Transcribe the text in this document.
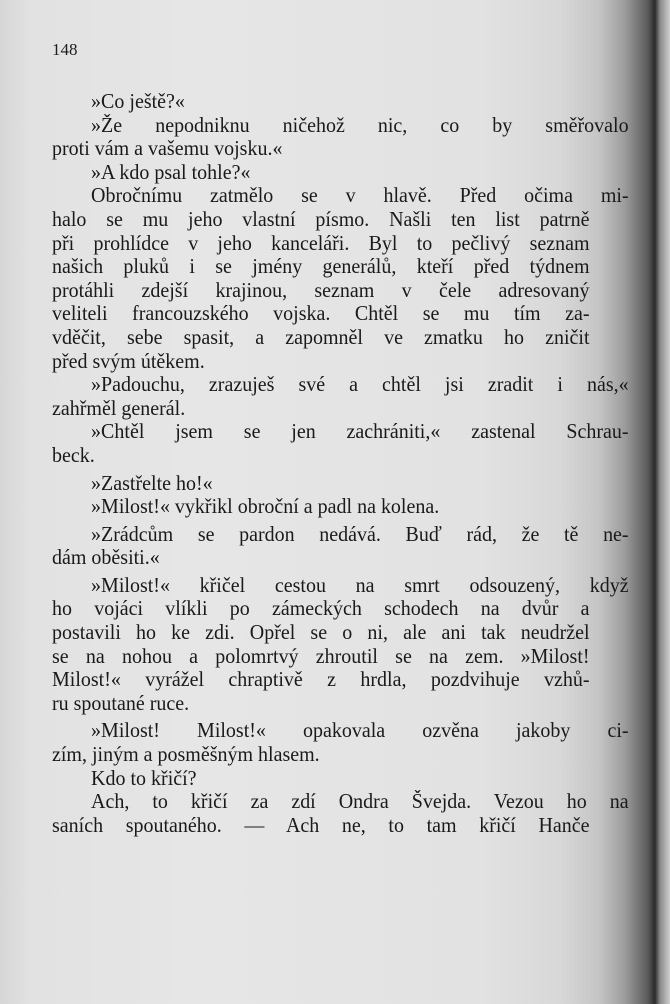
148
»Co ještě?«
»Že nepodniknu ničehož nic, co by směřovalo
proti vám a vašemu vojsku.«
»A kdo psal tohle?«
Obročnímu zatmělo se v hlavě. Před očima mi-
halo se mu jeho vlastní písmo. Našli ten list patrně
při prohlídce v jeho kanceláři. Byl to pečlivý seznam
našich pluků i se jmény generálů, kteří před týdnem
protáhli zdejší krajinou, seznam v čele adresovaný
veliteli francouzského vojska. Chtěl se mu tím za-
vděčit, sebe spasit, a zapomněl ve zmatku ho zničit
před svým útěkem.
»Padouchu, zrazuješ své a chtěl jsi zradit i nás,«
zahřměl generál.
»Chtěl jsem se jen zachrániti,« zastenal Schrau-
beck.
»Zastřelte ho!«
»Milost!« vykřikl obroční a padl na kolena.
»Zrádcům se pardon nedává. Buď rád, že tě ne-
dám oběsiti.«
»Milost!« křičel cestou na smrt odsouzený, když
ho vojáci vlíkli po zámeckých schodech na dvůr a
postavili ho ke zdi. Opřel se o ni, ale ani tak neudržel
se na nohou a polomrtvý zhroutil se na zem. »Milost!
Milost!« vyrážel chraptivě z hrdla, pozdvihuje vzhů-
ru spoutané ruce.
»Milost! Milost!« opakovala ozvěna jakoby ci-
zím, jiným a posměšným hlasem.
Kdo to křičí?
Ach, to křičí za zdí Ondra Švejda. Vezou ho na
saních spoutaného. — Ach ne, to tam křičí Hanče
